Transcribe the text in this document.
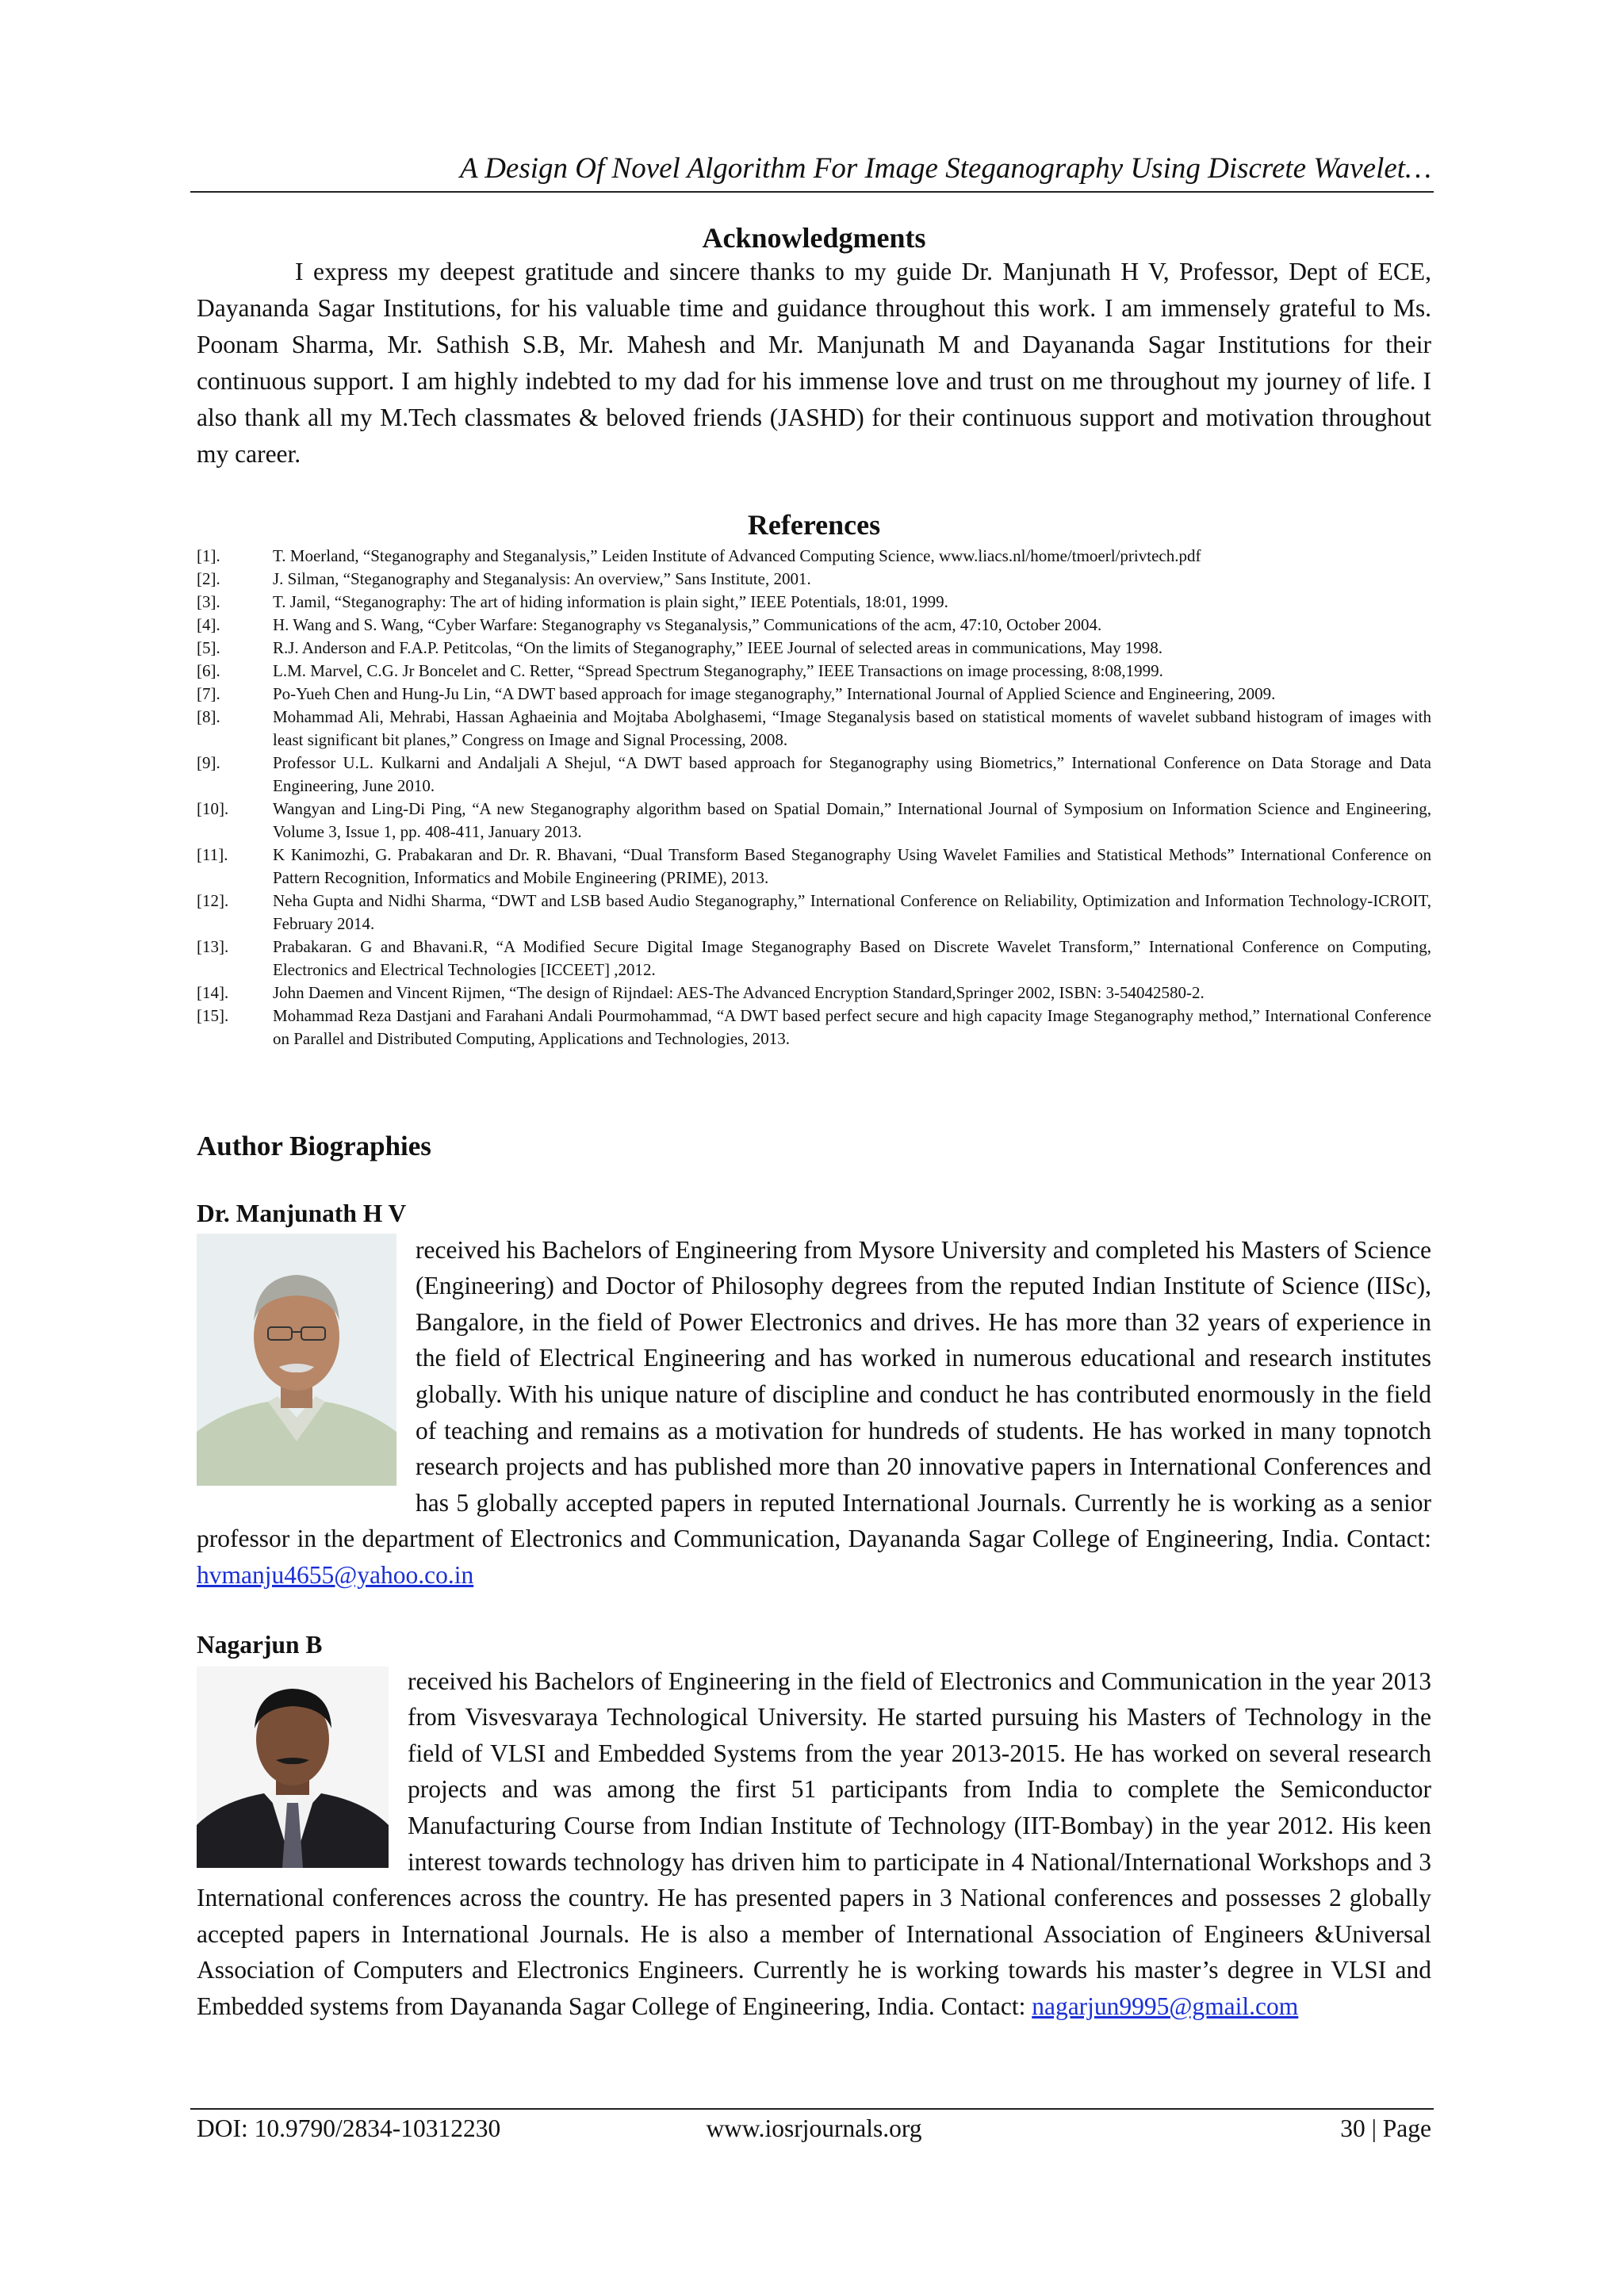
A Design Of Novel Algorithm For Image Steganography Using Discrete Wavelet…
Acknowledgments

I express my deepest gratitude and sincere thanks to my guide Dr. Manjunath H V, Professor, Dept of ECE, Dayananda Sagar Institutions, for his valuable time and guidance throughout this work. I am immensely grateful to Ms. Poonam Sharma, Mr. Sathish S.B, Mr. Mahesh and Mr. Manjunath M and Dayananda Sagar Institutions for their continuous support. I am highly indebted to my dad for his immense love and trust on me throughout my journey of life. I also thank all my M.Tech classmates & beloved friends (JASHD) for their continuous support and motivation throughout my career.

References
[1].	T. Moerland, “Steganography and Steganalysis,” Leiden Institute of Advanced Computing Science, www.liacs.nl/home/tmoerl/privtech.pdf
[2].	J. Silman, “Steganography and Steganalysis: An overview,” Sans Institute, 2001.
[3].	T. Jamil, “Steganography: The art of hiding information is plain sight,” IEEE Potentials, 18:01, 1999.
[4].	H. Wang and S. Wang, “Cyber Warfare: Steganography vs Steganalysis,” Communications of the acm, 47:10, October 2004.
[5].	R.J. Anderson and F.A.P. Petitcolas, “On the limits of Steganography,” IEEE Journal of selected areas in communications, May 1998.
[6].	L.M. Marvel, C.G. Jr Boncelet and C. Retter, “Spread Spectrum Steganography,” IEEE Transactions on image processing, 8:08,1999.
[7].	Po-Yueh Chen and Hung-Ju Lin, “A DWT based approach for image steganography,” International Journal of Applied Science and Engineering, 2009.
[8].	Mohammad Ali, Mehrabi, Hassan Aghaeinia and Mojtaba Abolghasemi, “Image Steganalysis based on statistical moments of wavelet subband histogram of images with least significant bit planes,” Congress on Image and Signal Processing, 2008.
[9].	Professor U.L. Kulkarni and Andaljali A Shejul, “A DWT based approach for Steganography using Biometrics,” International Conference on Data Storage and Data Engineering, June 2010.
[10].	Wangyan and Ling-Di Ping, “A new Steganography algorithm based on Spatial Domain,” International Journal of Symposium on Information Science and Engineering, Volume 3, Issue 1, pp. 408-411, January 2013.
[11].	K Kanimozhi, G. Prabakaran and Dr. R. Bhavani, “Dual Transform Based Steganography Using Wavelet Families and Statistical Methods” International Conference on Pattern Recognition, Informatics and Mobile Engineering (PRIME), 2013.
[12].	Neha Gupta and Nidhi Sharma, “DWT and LSB based Audio Steganography,” International Conference on Reliability, Optimization and Information Technology-ICROIT, February 2014.
[13].	Prabakaran. G and Bhavani.R, “A Modified Secure Digital Image Steganography Based on Discrete Wavelet Transform,” International Conference on Computing, Electronics and Electrical Technologies [ICCEET] ,2012.
[14].	John Daemen and Vincent Rijmen, “The design of Rijndael: AES-The Advanced Encryption Standard,Springer 2002, ISBN: 3-54042580-2.
[15].	Mohammad Reza Dastjani and Farahani Andali Pourmohammad, “A DWT based perfect secure and high capacity Image Steganography method,” International Conference on Parallel and Distributed Computing, Applications and Technologies, 2013.
Author Biographies

Dr. Manjunath H V
received his Bachelors of Engineering from Mysore University and completed his Masters of Science (Engineering) and Doctor of Philosophy degrees from the reputed Indian Institute of Science (IISc), Bangalore, in the field of Power Electronics and drives. He has more than 32 years of experience in the field of Electrical Engineering and has worked in numerous educational and research institutes globally. With his unique nature of discipline and conduct he has contributed enormously in the field of teaching and remains as a motivation for hundreds of students. He has worked in many topnotch research projects and has published more than 20 innovative papers in International Conferences and has 5 globally accepted papers in reputed International Journals. Currently he is working as a senior professor in the department of Electronics and Communication, Dayananda Sagar College of Engineering, India. Contact: hvmanju4655@yahoo.co.in

Nagarjun B
received his Bachelors of Engineering in the field of Electronics and Communication in the year 2013 from Visvesvaraya Technological University. He started pursuing his Masters of Technology in the field of VLSI and Embedded Systems from the year 2013-2015. He has worked on several research projects and was among the first 51 participants from India to complete the Semiconductor Manufacturing Course from Indian Institute of Technology (IIT-Bombay) in the year 2012. His keen interest towards technology has driven him to participate in 4 National/International Workshops and 3 International conferences across the country. He has presented papers in 3 National conferences and possesses 2 globally accepted papers in International Journals. He is also a member of International Association of Engineers &Universal Association of Computers and Electronics Engineers. Currently he is working towards his master’s degree in VLSI and Embedded systems from Dayananda Sagar College of Engineering, India. Contact: nagarjun9995@gmail.com

DOI: 10.9790/2834-10312230	www.iosrjournals.org	30 | Page
